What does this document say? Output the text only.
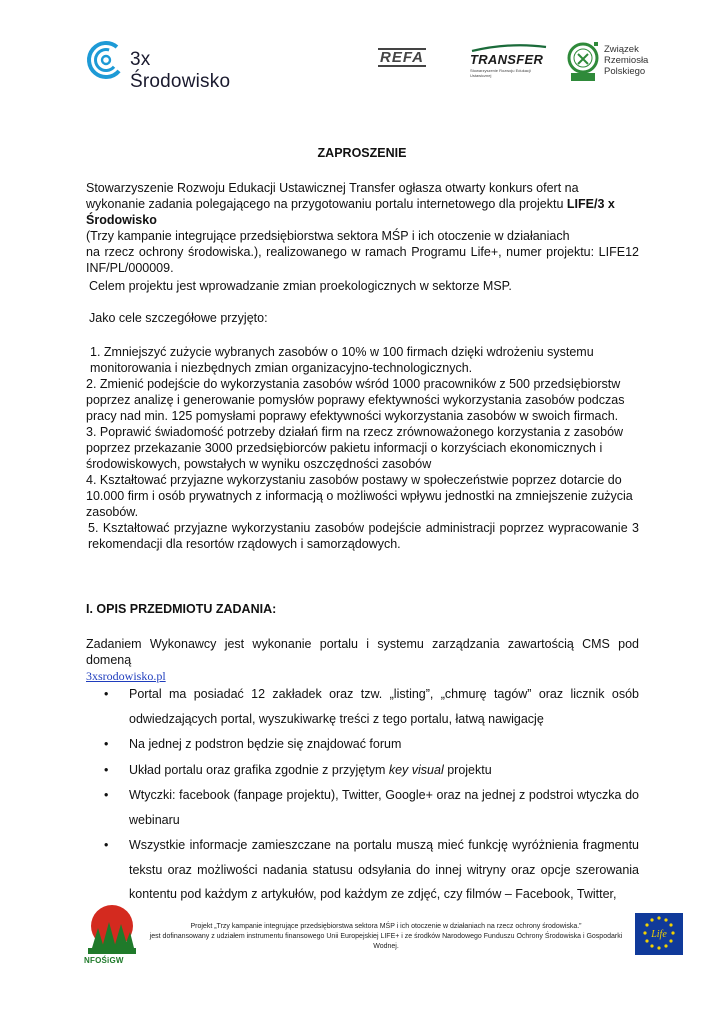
3x Środowisko
REFA	TRANSFER
Stowarzyszenie Rozwoju Edukacji Ustawicznej
Związek
Rzemiosła
Polskiego
ZAPROSZENIE
Stowarzyszenie Rozwoju Edukacji Ustawicznej Transfer ogłasza otwarty konkurs ofert na wykonanie zadania polegającego na przygotowaniu portalu internetowego dla projektu LIFE/3 x Środowisko
(Trzy kampanie integrujące przedsiębiorstwa sektora MŚP i ich otoczenie w działaniach

na rzecz ochrony środowiska.), realizowanego w ramach Programu Life+, numer projektu: LIFE12 INF/PL/000009.
Celem projektu jest wprowadzanie zmian proekologicznych w sektorze MSP.
Jako cele szczegółowe przyjęto:
1. Zmniejszyć zużycie wybranych zasobów o 10% w 100 firmach dzięki wdrożeniu systemu monitorowania i niezbędnych zmian organizacyjno-technologicznych.
2. Zmienić podejście do wykorzystania zasobów wśród 1000 pracowników z 500 przedsiębiorstw poprzez analizę i generowanie pomysłów poprawy efektywności wykorzystania zasobów podczas pracy nad min. 125 pomysłami poprawy efektywności wykorzystania zasobów w swoich firmach.
3. Poprawić świadomość potrzeby działań firm na rzecz zrównoważonego korzystania z zasobów poprzez przekazanie 3000 przedsiębiorców pakietu informacji o korzyściach ekonomicznych i środowiskowych, powstałych w wyniku oszczędności zasobów
4. Kształtować przyjazne wykorzystaniu zasobów postawy w społeczeństwie poprzez dotarcie do 10.000 firm i osób prywatnych z informacją o możliwości wpływu jednostki na zmniejszenie zużycia zasobów.
5. Kształtować przyjazne wykorzystaniu zasobów podejście administracji poprzez wypracowanie 3 rekomendacji dla resortów rządowych i samorządowych.
I. OPIS PRZEDMIOTU ZADANIA:
Zadaniem Wykonawcy jest wykonanie portalu i systemu zarządzania zawartością CMS pod domeną
3xsrodowisko.pl
• Portal ma posiadać 12 zakładek oraz tzw. „listing”, „chmurę tagów” oraz licznik osób odwiedzających portal, wyszukiwarkę treści z tego portalu, łatwą nawigację
• Na jednej z podstron będzie się znajdować forum
• Układ portalu oraz grafika zgodnie z przyjętym key visual projektu
• Wtyczki: facebook (fanpage projektu), Twitter, Google+ oraz na jednej z podstroi wtyczka do webinaru
• Wszystkie informacje zamieszczane na portalu muszą mieć funkcję wyróżnienia fragmentu tekstu oraz możliwości nadania statusu odsyłania do innej witryny oraz opcje szerowania kontentu pod każdym z artykułów, pod każdym ze zdjęć, czy filmów – Facebook, Twitter,
NFOŚiGW
Projekt „Trzy kampanie integrujące przedsiębiorstwa sektora MŚP i ich otoczenie w działaniach na rzecz ochrony środowiska.”
jest dofinansowany z udziałem instrumentu finansowego Unii Europejskiej LIFE+ i ze środków Narodowego Funduszu Ochrony Środowiska i Gospodarki Wodnej.
Life
